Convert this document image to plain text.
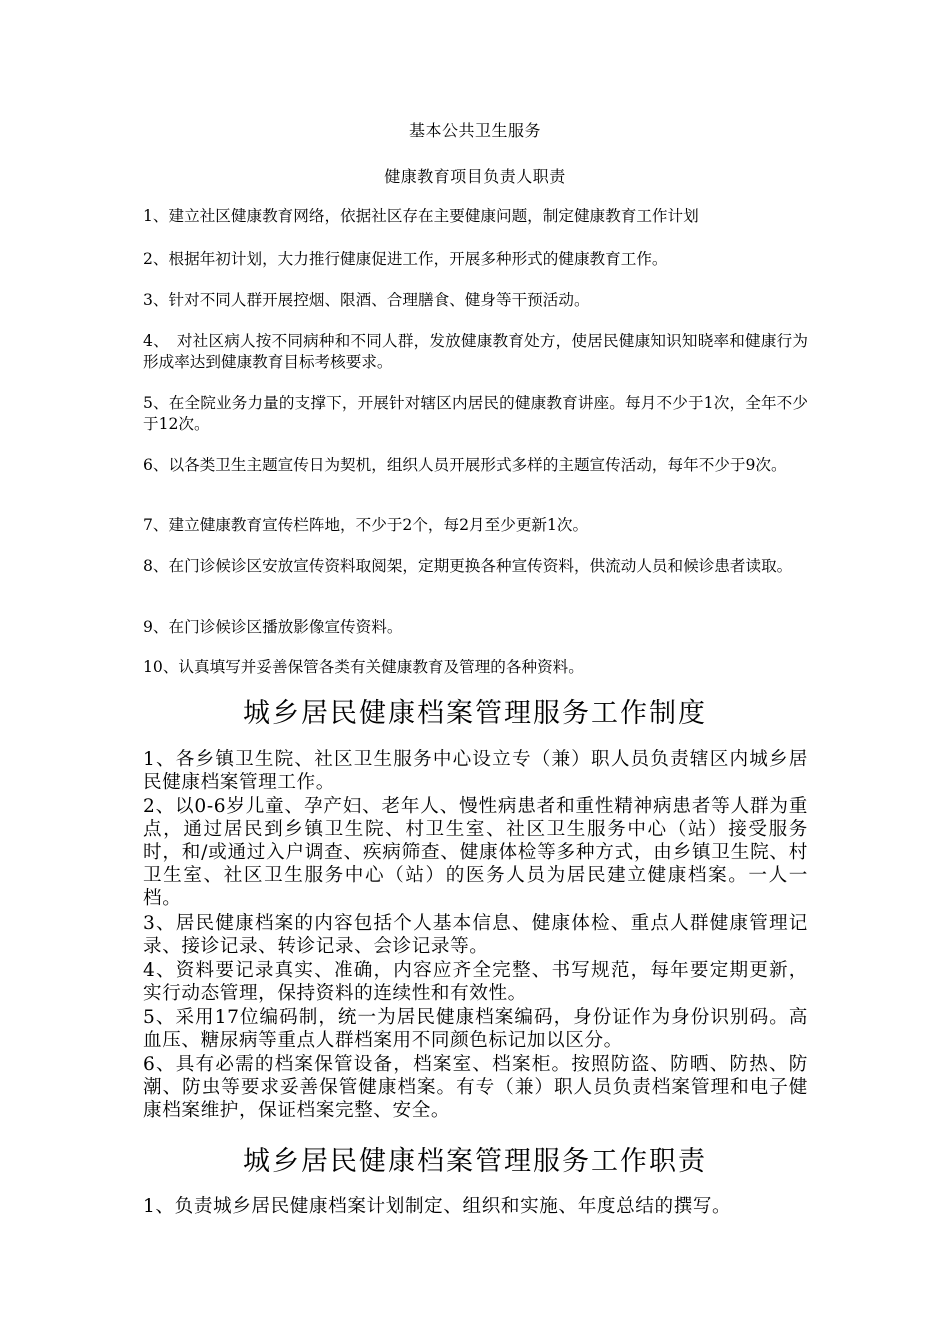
基本公共卫生服务
健康教育项目负责人职责

1、建立社区健康教育网络，依据社区存在主要健康问题，制定健康教育工作计划

2、根据年初计划，大力推行健康促进工作，开展多种形式的健康教育工作。

3、针对不同人群开展控烟、限酒、合理膳食、健身等干预活动。

4、　对社区病人按不同病种和不同人群，发放健康教育处方，使居民健康知识知晓率和健康行为形成率达到健康教育目标考核要求。

5、在全院业务力量的支撑下，开展针对辖区内居民的健康教育讲座。每月不少于1次，全年不少于12次。

6、以各类卫生主题宣传日为契机，组织人员开展形式多样的主题宣传活动，每年不少于9次。

7、建立健康教育宣传栏阵地，不少于2个，每2月至少更新1次。

8、在门诊候诊区安放宣传资料取阅架，定期更换各种宣传资料，供流动人员和候诊患者读取。

9、在门诊候诊区播放影像宣传资料。

10、认真填写并妥善保管各类有关健康教育及管理的各种资料。

城乡居民健康档案管理服务工作制度

1、各乡镇卫生院、社区卫生服务中心设立专（兼）职人员负责辖区内城乡居民健康档案管理工作。

2、以0-6岁儿童、孕产妇、老年人、慢性病患者和重性精神病患者等人群为重点，通过居民到乡镇卫生院、村卫生室、社区卫生服务中心（站）接受服务时，和/或通过入户调查、疾病筛查、健康体检等多种方式，由乡镇卫生院、村卫生室、社区卫生服务中心（站）的医务人员为居民建立健康档案。一人一档。

3、居民健康档案的内容包括个人基本信息、健康体检、重点人群健康管理记录、接诊记录、转诊记录、会诊记录等。

4、资料要记录真实、准确，内容应齐全完整、书写规范，每年要定期更新，实行动态管理，保持资料的连续性和有效性。

5、采用17位编码制，统一为居民健康档案编码，身份证作为身份识别码。高血压、糖尿病等重点人群档案用不同颜色标记加以区分。

6、具有必需的档案保管设备，档案室、档案柜。按照防盗、防晒、防热、防潮、防虫等要求妥善保管健康档案。有专（兼）职人员负责档案管理和电子健康档案维护，保证档案完整、安全。

城乡居民健康档案管理服务工作职责

1、负责城乡居民健康档案计划制定、组织和实施、年度总结的撰写。
